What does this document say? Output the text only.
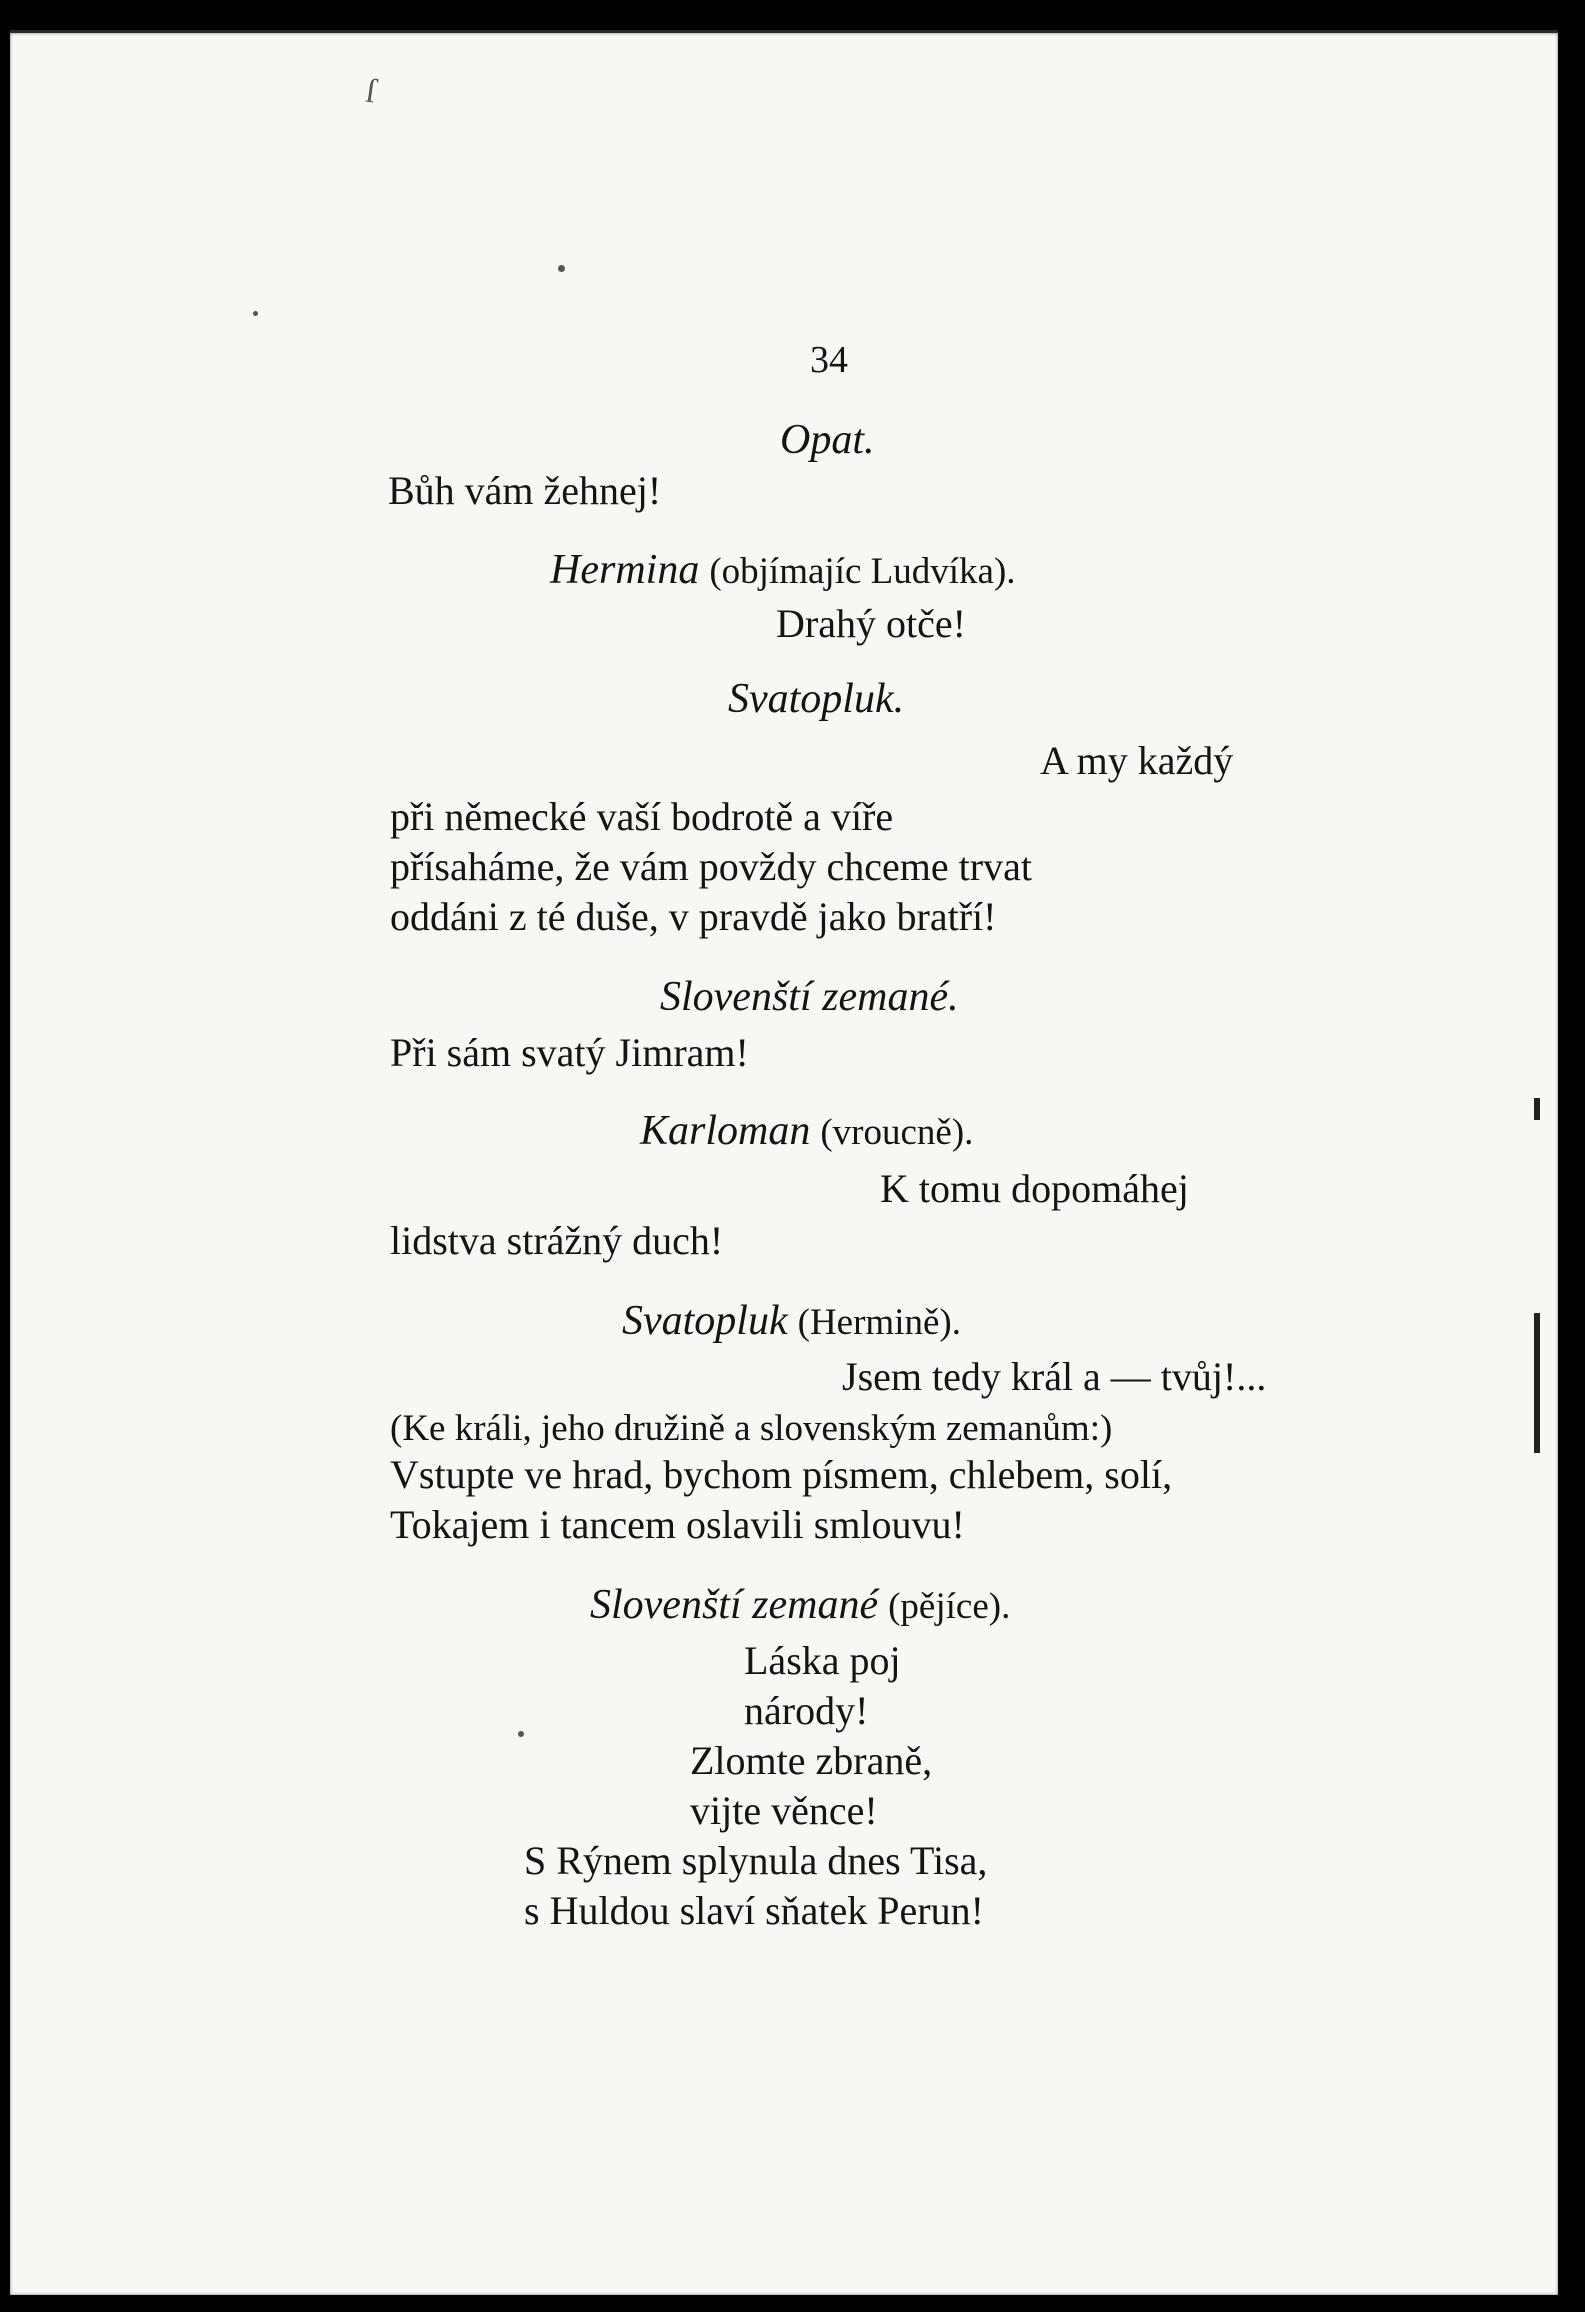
ſ
34
Opat.
Bůh vám žehnej!
Hermina (objímajíc Ludvíka).
Drahý otče!
Svatopluk.
A my každý
při německé vaší bodrotě a víře
přísaháme, že vám povždy chceme trvat
oddáni z té duše, v pravdě jako bratří!
Slovenští zemané.
Při sám svatý Jimram!
Karloman (vroucně).
K tomu dopomáhej
lidstva strážný duch!
Svatopluk (Hermině).
Jsem tedy král a — tvůj!...
(Ke králi, jeho družině a slovenským zemanům:)
Vstupte ve hrad, bychom písmem, chlebem, solí,
Tokajem i tancem oslavili smlouvu!
Slovenští zemané (pějíce).
Láska poj
národy!
Zlomte zbraně,
vijte věnce!
S Rýnem splynula dnes Tisa,
s Huldou slaví sňatek Perun!
